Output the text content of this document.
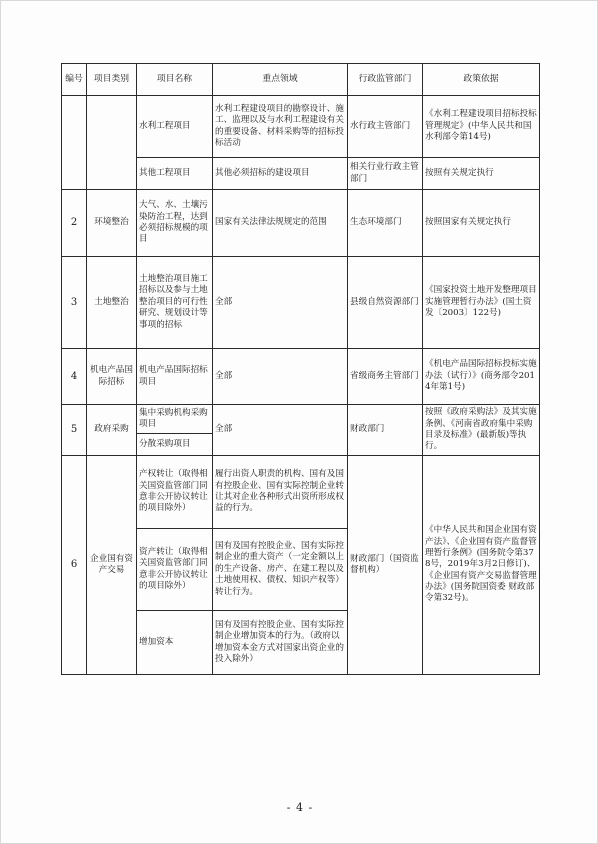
编号	项目类别	项目名称	重点领域	行政监管部门	政策依据
		水利工程项目	水利工程建设项目的勘察设计、施工、监理以及与水利工程建设有关的重要设备、材料采购等的招标投标活动	水行政主管部门	《水利工程建设项目招标投标管理规定》(中华人民共和国水利部令第14号)
		其他工程项目	其他必须招标的建设项目	相关行业行政主管部门	按照有关规定执行
2	环境整治	大气、水、土壤污染防治工程，达到必须招标规模的项目	国家有关法律法规规定的范围	生态环境部门	按照国家有关规定执行
3	土地整治	土地整治项目施工招标以及参与土地整治项目的可行性研究、规划设计等事项的招标	全部	县级自然资源部门	《国家投资土地开发整理项目实施管理暂行办法》(国土资发〔2003〕122号)
4	机电产品国际招标	机电产品国际招标项目	全部	省级商务主管部门	《机电产品国际招标投标实施办法（试行）》(商务部令2014年第1号)
5	政府采购	集中采购机构采购项目	全部	财政部门	按照《政府采购法》及其实施条例、《河南省政府集中采购目录及标准》(最新版)等执行。
		分散采购项目			
6	企业国有资产交易	产权转让（取得相关国资监管部门同意非公开协议转让的项目除外）	履行出资人职责的机构、国有及国有控股企业、国有实际控制企业转让其对企业各种形式出资所形成权益的行为。	财政部门（国资监督机构）	《中华人民共和国企业国有资产法》、《企业国有资产监督管理暂行条例》(国务院令第378号，2019年3月2日修订)、《企业国有资产交易监督管理办法》(国务院国资委 财政部令第32号)。
		资产转让（取得相关国资监管部门同意非公开协议转让的项目除外）	国有及国有控股企业、国有实际控制企业的重大资产（一定金额以上的生产设备、房产、在建工程以及土地使用权、债权、知识产权等）转让行为。		
		增加资本	国有及国有控股企业、国有实际控制企业增加资本的行为。（政府以增加资本金方式对国家出资企业的投入除外）		
- 4 -
